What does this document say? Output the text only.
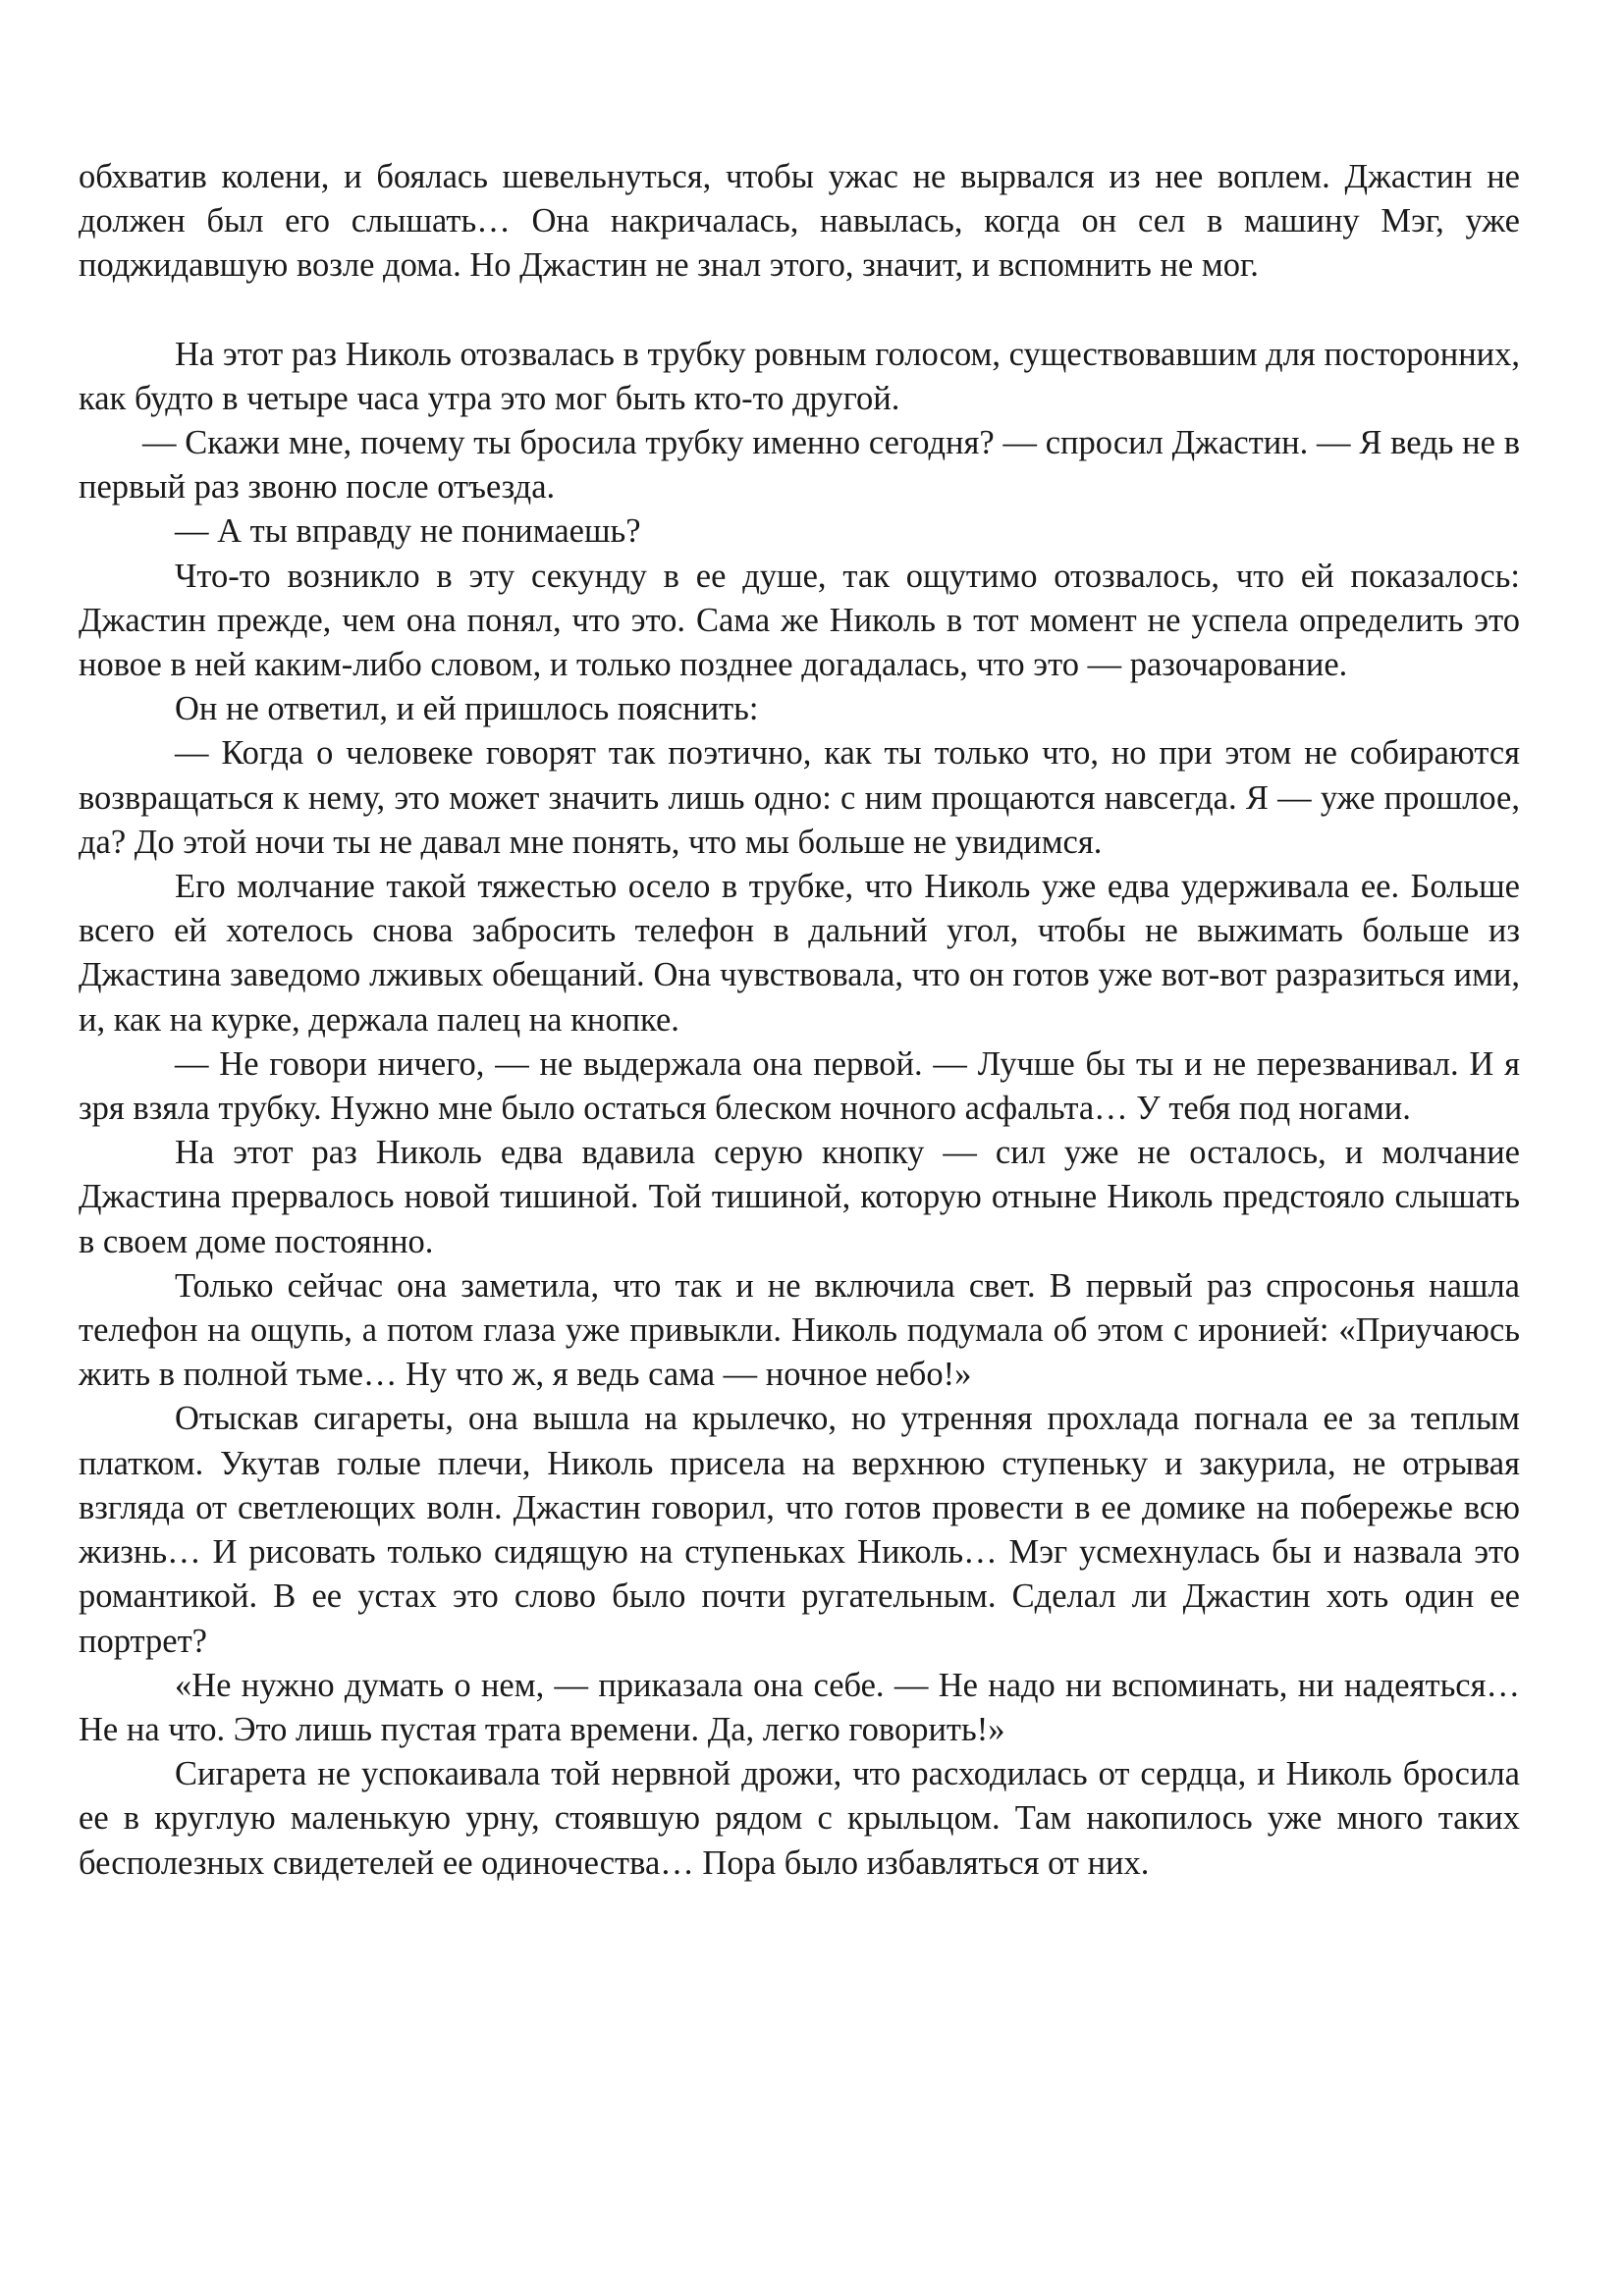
обхватив колени, и боялась шевельнуться, чтобы ужас не вырвался из нее воплем. Джастин не должен был его слышать… Она накричалась, навылась, когда он сел в машину Мэг, уже поджидавшую возле дома. Но Джастин не знал этого, значит, и вспомнить не мог.

На этот раз Николь отозвалась в трубку ровным голосом, существовавшим для посторонних, как будто в четыре часа утра это мог быть кто-то другой.

— Скажи мне, почему ты бросила трубку именно сегодня? — спросил Джастин. — Я ведь не в первый раз звоню после отъезда.

— А ты вправду не понимаешь?

Что-то возникло в эту секунду в ее душе, так ощутимо отозвалось, что ей показалось: Джастин прежде, чем она понял, что это. Сама же Николь в тот момент не успела определить это новое в ней каким-либо словом, и только позднее догадалась, что это — разочарование.

Он не ответил, и ей пришлось пояснить:

— Когда о человеке говорят так поэтично, как ты только что, но при этом не собираются возвращаться к нему, это может значить лишь одно: с ним прощаются навсегда. Я — уже прошлое, да? До этой ночи ты не давал мне понять, что мы больше не увидимся.

Его молчание такой тяжестью осело в трубке, что Николь уже едва удерживала ее. Больше всего ей хотелось снова забросить телефон в дальний угол, чтобы не выжимать больше из Джастина заведомо лживых обещаний. Она чувствовала, что он готов уже вот-вот разразиться ими, и, как на курке, держала палец на кнопке.

— Не говори ничего, — не выдержала она первой. — Лучше бы ты и не перезванивал. И я зря взяла трубку. Нужно мне было остаться блеском ночного асфальта… У тебя под ногами.

На этот раз Николь едва вдавила серую кнопку — сил уже не осталось, и молчание Джастина прервалось новой тишиной. Той тишиной, которую отныне Николь предстояло слышать в своем доме постоянно.

Только сейчас она заметила, что так и не включила свет. В первый раз спросонья нашла телефон на ощупь, а потом глаза уже привыкли. Николь подумала об этом с иронией: «Приучаюсь жить в полной тьме… Ну что ж, я ведь сама — ночное небо!»

Отыскав сигареты, она вышла на крылечко, но утренняя прохлада погнала ее за теплым платком. Укутав голые плечи, Николь присела на верхнюю ступеньку и закурила, не отрывая взгляда от светлеющих волн. Джастин говорил, что готов провести в ее домике на побережье всю жизнь… И рисовать только сидящую на ступеньках Николь… Мэг усмехнулась бы и назвала это романтикой. В ее устах это слово было почти ругательным. Сделал ли Джастин хоть один ее портрет?

«Не нужно думать о нем, — приказала она себе. — Не надо ни вспоминать, ни надеяться… Не на что. Это лишь пустая трата времени. Да, легко говорить!»

Сигарета не успокаивала той нервной дрожи, что расходилась от сердца, и Николь бросила ее в круглую маленькую урну, стоявшую рядом с крыльцом. Там накопилось уже много таких бесполезных свидетелей ее одиночества… Пора было избавляться от них.
